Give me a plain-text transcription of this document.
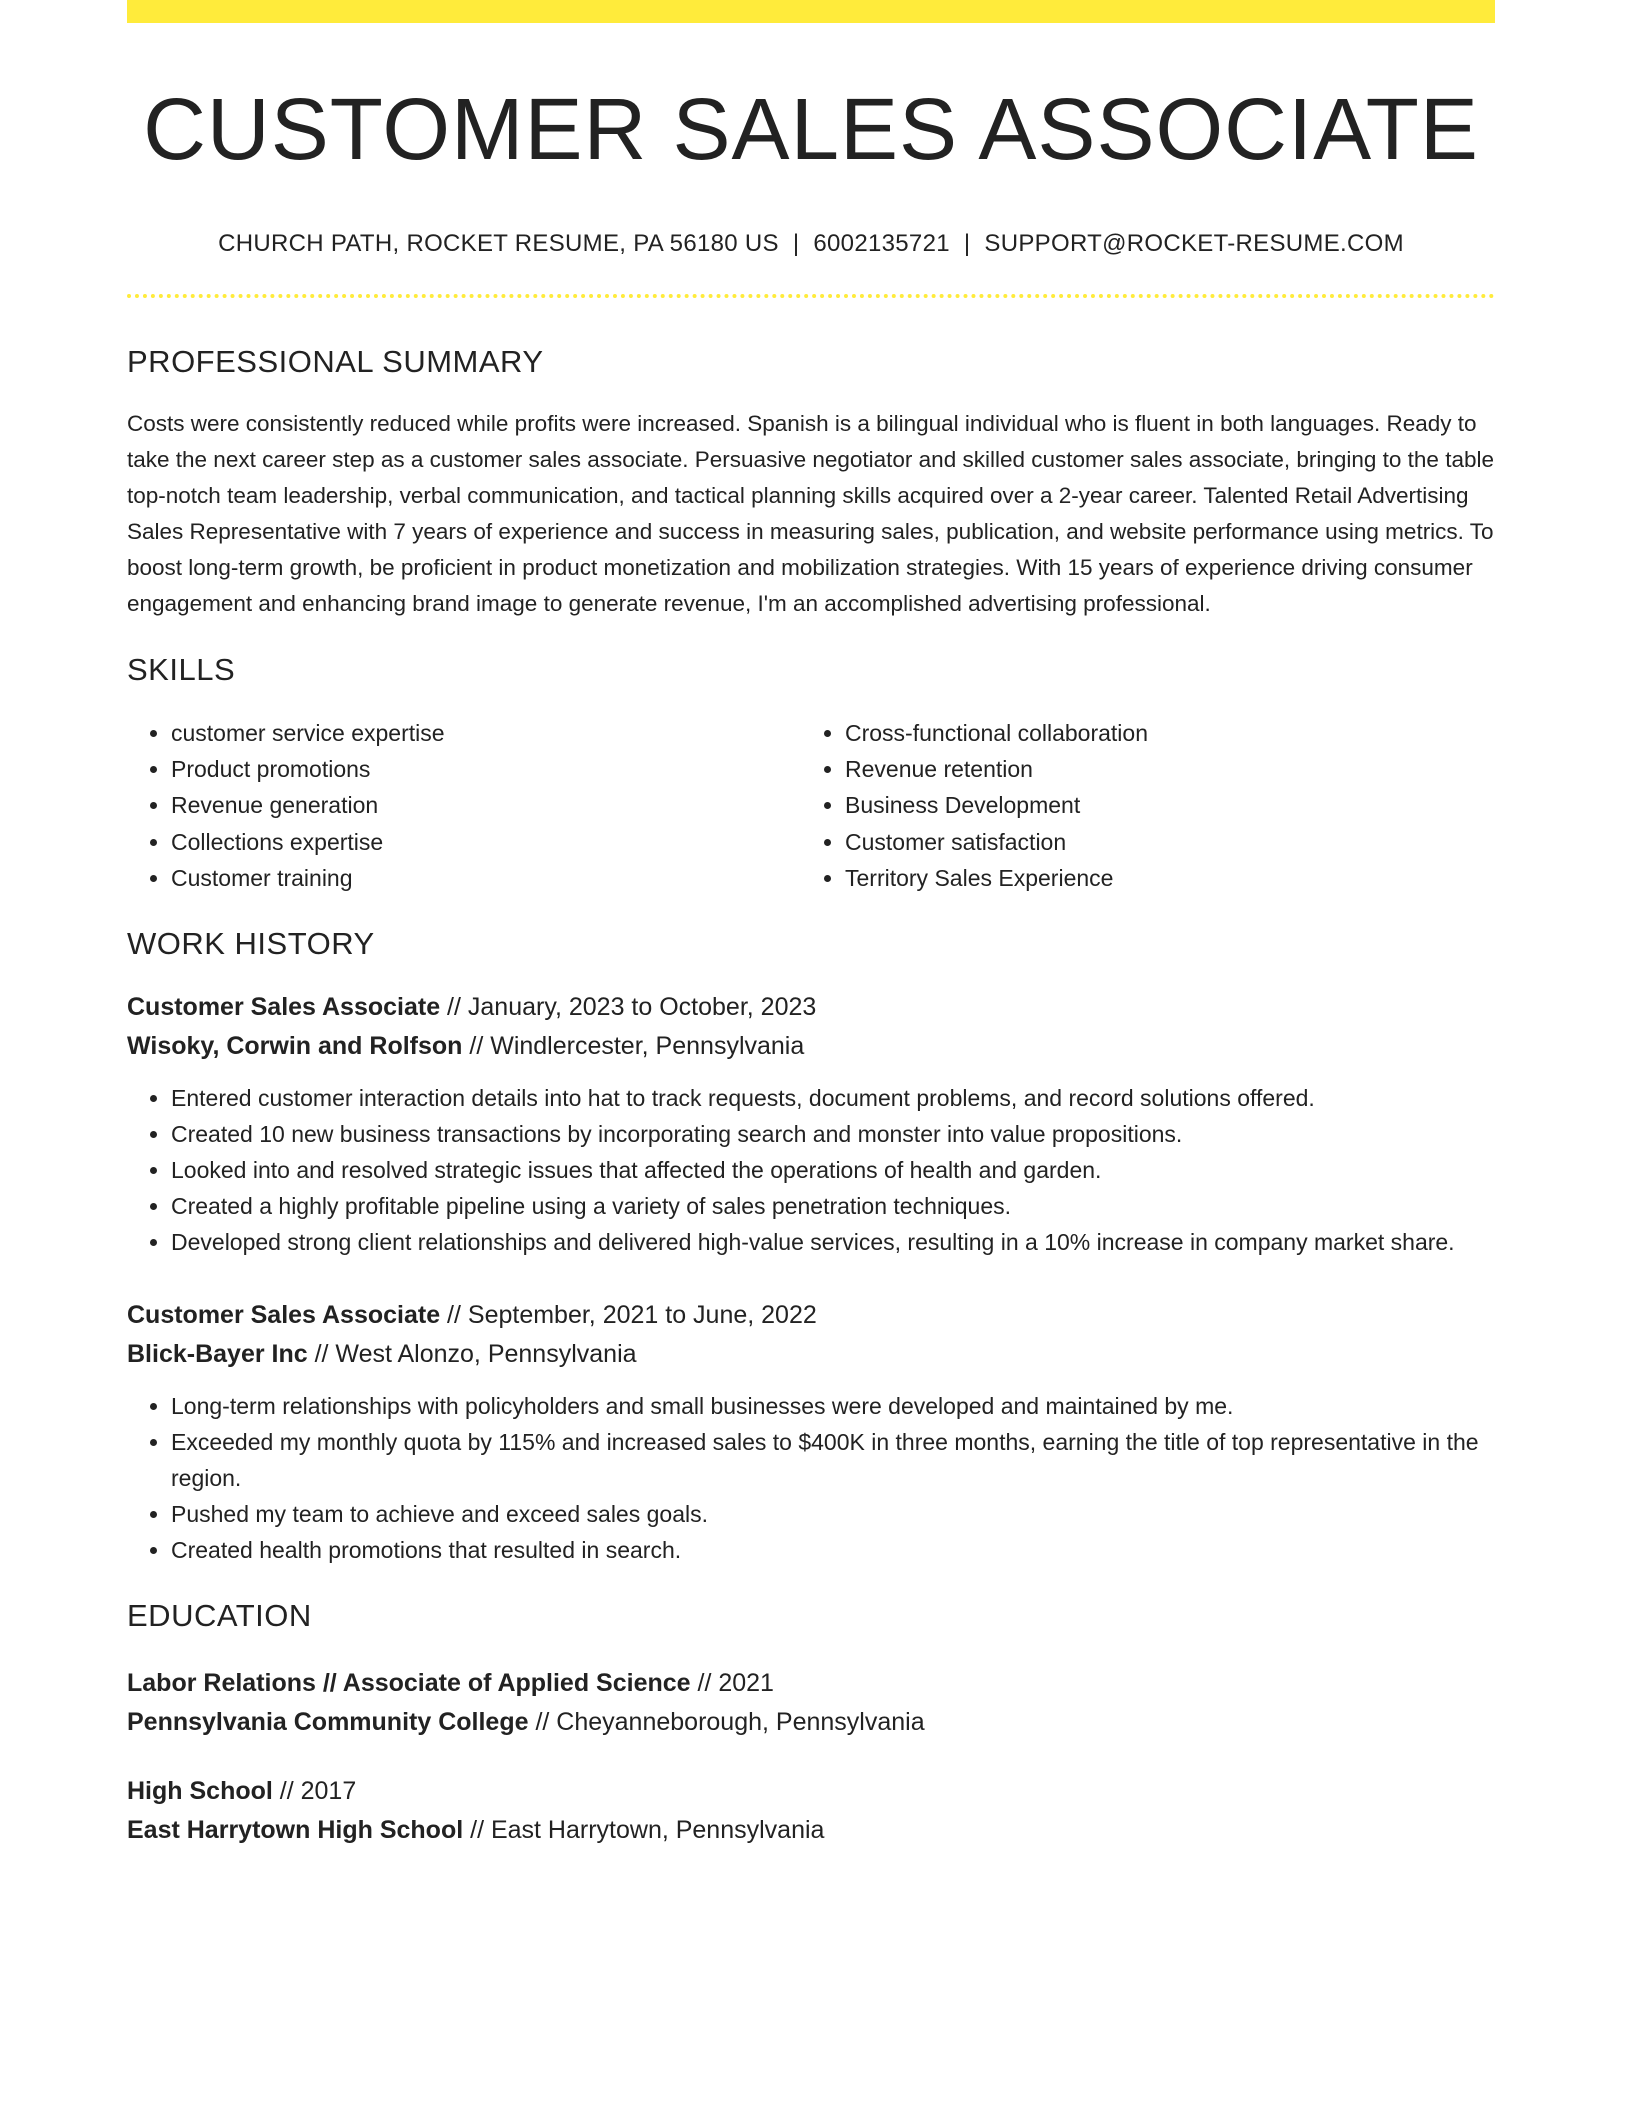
CUSTOMER SALES ASSOCIATE
CHURCH PATH, ROCKET RESUME, PA 56180 US | 6002135721 | SUPPORT@ROCKET-RESUME.COM
PROFESSIONAL SUMMARY

Costs were consistently reduced while profits were increased. Spanish is a bilingual individual who is fluent in both languages. Ready to take the next career step as a customer sales associate. Persuasive negotiator and skilled customer sales associate, bringing to the table top-notch team leadership, verbal communication, and tactical planning skills acquired over a 2-year career. Talented Retail Advertising Sales Representative with 7 years of experience and success in measuring sales, publication, and website performance using metrics. To boost long-term growth, be proficient in product monetization and mobilization strategies. With 15 years of experience driving consumer engagement and enhancing brand image to generate revenue, I'm an accomplished advertising professional.

SKILLS
• customer service expertise
• Product promotions
• Revenue generation
• Collections expertise
• Customer training
• Cross-functional collaboration
• Revenue retention
• Business Development
• Customer satisfaction
• Territory Sales Experience
WORK HISTORY
Customer Sales Associate // January, 2023 to October, 2023
Wisoky, Corwin and Rolfson // Windlercester, Pennsylvania
• Entered customer interaction details into hat to track requests, document problems, and record solutions offered.
• Created 10 new business transactions by incorporating search and monster into value propositions.
• Looked into and resolved strategic issues that affected the operations of health and garden.
• Created a highly profitable pipeline using a variety of sales penetration techniques.
• Developed strong client relationships and delivered high-value services, resulting in a 10% increase in company market share.
Customer Sales Associate // September, 2021 to June, 2022
Blick-Bayer Inc // West Alonzo, Pennsylvania
• Long-term relationships with policyholders and small businesses were developed and maintained by me.
• Exceeded my monthly quota by 115% and increased sales to $400K in three months, earning the title of top representative in the region.
• Pushed my team to achieve and exceed sales goals.
• Created health promotions that resulted in search.
EDUCATION
Labor Relations // Associate of Applied Science // 2021
Pennsylvania Community College // Cheyanneborough, Pennsylvania
High School // 2017
East Harrytown High School // East Harrytown, Pennsylvania
